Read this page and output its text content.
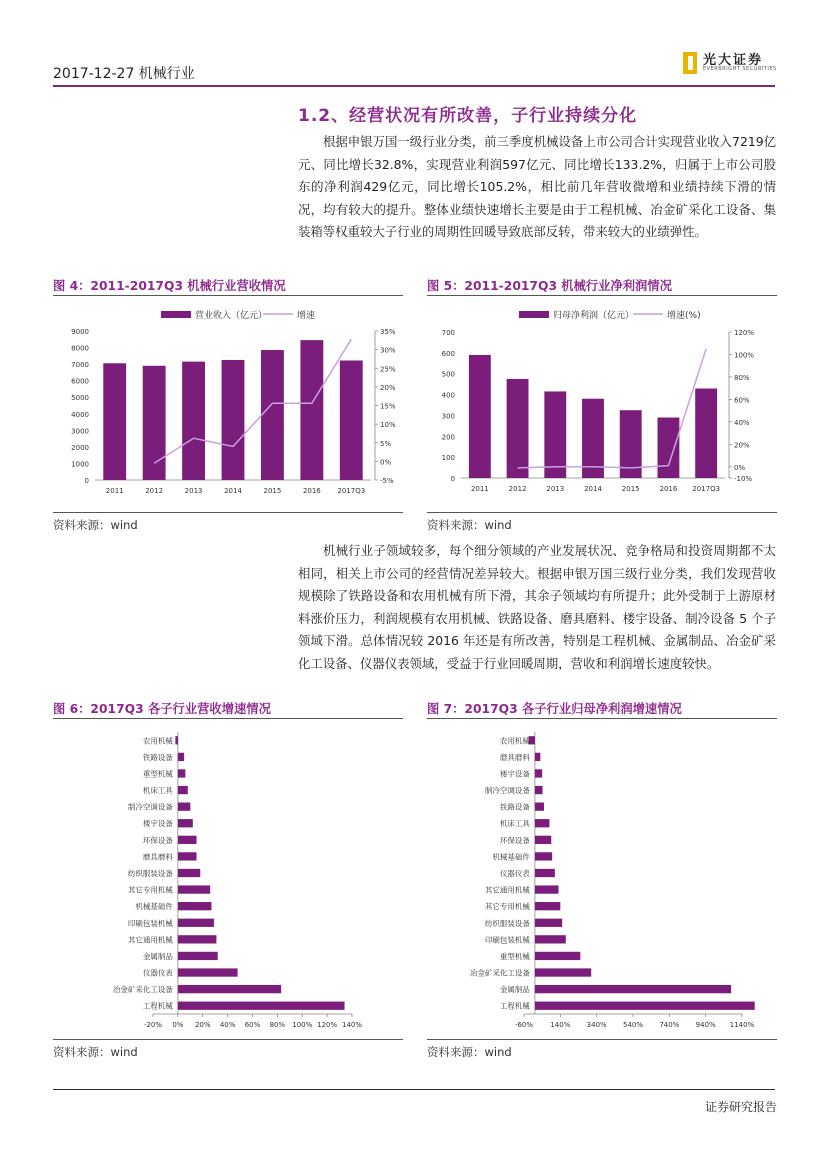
2017-12-27 机械行业
光大证券
EVERBRIGHT SECURITIES
1.2、经营状况有所改善，子行业持续分化

根据申银万国一级行业分类，前三季度机械设备上市公司合计实现营业收入7219亿元、同比增长32.8%，实现营业利润597亿元、同比增长133.2%，归属于上市公司股东的净利润429亿元，同比增长105.2%，相比前几年营收微增和业绩持续下滑的情况，均有较大的提升。整体业绩快速增长主要是由于工程机械、冶金矿采化工设备、集装箱等权重较大子行业的周期性回暖导致底部反转，带来较大的业绩弹性。

图 4：2011-2017Q3 机械行业营收情况
营业收入（亿元）	增速
0
1000
2000
3000
4000
5000
6000
7000
8000
9000
-5%
0%
5%
10%
15%
20%
25%
30%
35%
2011	2012	2013	2014	2015	2016 2017Q3
资料来源：wind
图 5：2011-2017Q3 机械行业净利润情况
归母净利润（亿元）	增速(%)
0
100
200
300
400
500
600
700
-10%
0%
20%
40%
60%
80%
100%
120%
2011	2012	2013	2014	2015	2016 2017Q3
资料来源：wind

机械行业子领域较多，每个细分领域的产业发展状况、竞争格局和投资周期都不太相同，相关上市公司的经营情况差异较大。根据申银万国三级行业分类，我们发现营收规模除了铁路设备和农用机械有所下滑，其余子领域均有所提升；此外受制于上游原材料涨价压力，利润规模有农用机械、铁路设备、磨具磨料、楼宇设备、制冷设备 5 个子领域下滑。总体情况较 2016 年还是有所改善，特别是工程机械、金属制品、冶金矿采化工设备、仪器仪表领域，受益于行业回暖周期，营收和利润增长速度较快。

图 6：2017Q3 各子行业营收增速情况
农用机械
铁路设备
重型机械
机床工具
制冷空调设备
楼宇设备
环保设备
磨具磨料
纺织服装设备
其它专用机械
机械基础件
印刷包装机械
其它通用机械
金属制品
仪器仪表
冶金矿采化工设备
工程机械
-20% 0% 20% 40% 60% 80% 100% 120% 140%
资料来源：wind
图 7：2017Q3 各子行业归母净利润增速情况
农用机械
磨具磨料
楼宇设备
制冷空调设备
铁路设备
机床工具
环保设备
机械基础件
仪器仪表
其它通用机械
其它专用机械
纺织服装设备
印刷包装机械
重型机械
冶金矿采化工设备
金属制品
工程机械
-60% 140% 340% 540% 740% 940% 1140%
资料来源：wind
证券研究报告
